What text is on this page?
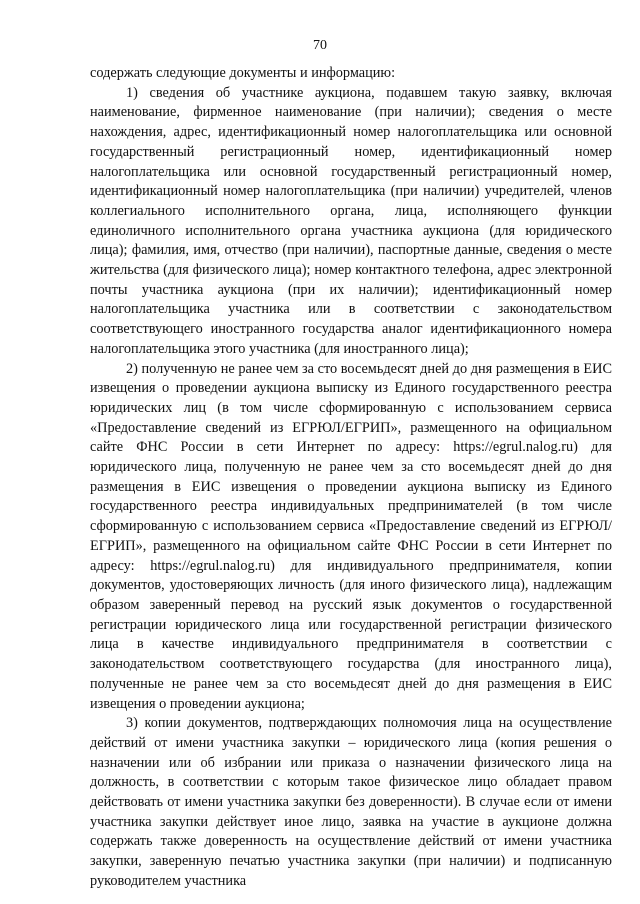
70

содержать следующие документы и информацию:

1) сведения об участнике аукциона, подавшем такую заявку, включая наименование, фирменное наименование (при наличии); сведения о месте нахождения, адрес, идентификационный номер налогоплательщика или основной государственный регистрационный номер, идентификационный номер налогоплательщика или основной государственный регистрационный номер, идентификационный номер налогоплательщика (при наличии) учредителей, членов коллегиального исполнительного органа, лица, исполняющего функции единоличного исполнительного органа участника аукциона (для юридического лица); фамилия, имя, отчество (при наличии), паспортные данные, сведения о месте жительства (для физического лица); номер контактного телефона, адрес электронной почты участника аукциона (при их наличии); идентификационный номер налогоплательщика участника или в соответствии с законодательством соответствующего иностранного государства аналог идентификационного номера налогоплательщика этого участника (для иностранного лица);

2) полученную не ранее чем за сто восемьдесят дней до дня размещения в ЕИС извещения о проведении аукциона выписку из Единого государственного реестра юридических лиц (в том числе сформированную с использованием сервиса «Предоставление сведений из ЕГРЮЛ/ЕГРИП», размещенного на официальном сайте ФНС России в сети Интернет по адресу: https://egrul.nalog.ru) для юридического лица, полученную не ранее чем за сто восемьдесят дней до дня размещения в ЕИС извещения о проведении аукциона выписку из Единого государственного реестра индивидуальных предпринимателей (в том числе сформированную с использованием сервиса «Предоставление сведений из ЕГРЮЛ/ЕГРИП», размещенного на официальном сайте ФНС России в сети Интернет по адресу: https://egrul.nalog.ru) для индивидуального предпринимателя, копии документов, удостоверяющих личность (для иного физического лица), надлежащим образом заверенный перевод на русский язык документов о государственной регистрации юридического лица или государственной регистрации физического лица в качестве индивидуального предпринимателя в соответствии с законодательством соответствующего государства (для иностранного лица), полученные не ранее чем за сто восемьдесят дней до дня размещения в ЕИС извещения о проведении аукциона;

3) копии документов, подтверждающих полномочия лица на осуществление действий от имени участника закупки – юридического лица (копия решения о назначении или об избрании или приказа о назначении физического лица на должность, в соответствии с которым такое физическое лицо обладает правом действовать от имени участника закупки без доверенности). В случае если от имени участника закупки действует иное лицо, заявка на участие в аукционе должна содержать также доверенность на осуществление действий от имени участника закупки, заверенную печатью участника закупки (при наличии) и подписанную руководителем участника
